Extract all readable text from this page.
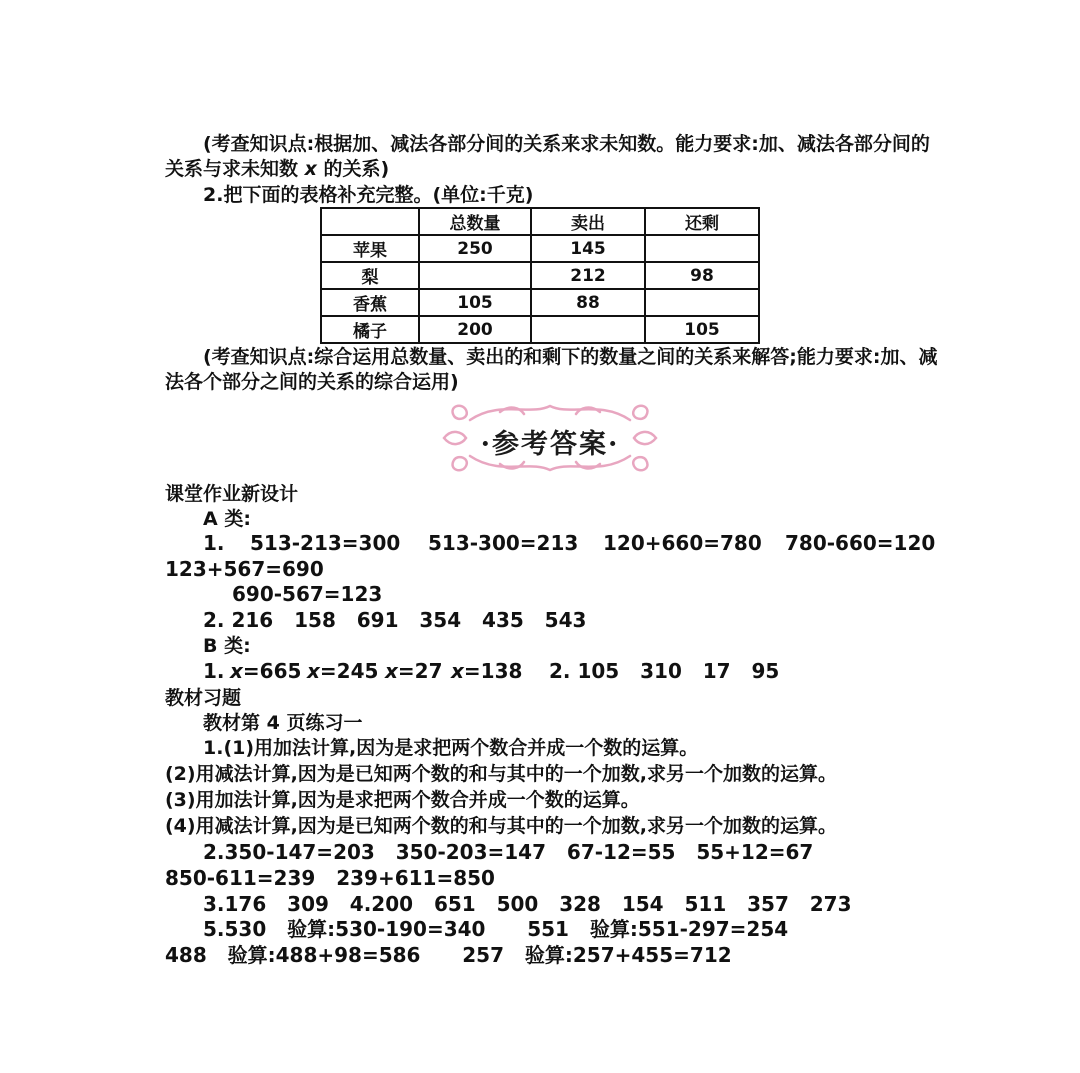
(考查知识点:根据加、减法各部分间的关系来求未知数。能力要求:加、减法各部分间的
关系与求未知数 x 的关系)
2.把下面的表格补充完整。(单位:千克)
	总数量	卖出	还剩
苹果	250	145	
梨		212	98
香蕉	105	88	
橘子	200		105
(考查知识点:综合运用总数量、卖出的和剩下的数量之间的关系来解答;能力要求:加、减
法各个部分之间的关系的综合运用)
·参考答案·
课堂作业新设计
A 类:
1. 513-213=300 513-300=213 120+660=780 780-660=120
123+567=690
690-567=123
2. 216   158   691   354   435   543
B 类:
1. x=665 x=245 x=27 x=138 2. 105   310   17   95
教材习题
教材第 4 页练习一
1.(1)用加法计算,因为是求把两个数合并成一个数的运算。
(2)用减法计算,因为是已知两个数的和与其中的一个加数,求另一个加数的运算。
(3)用加法计算,因为是求把两个数合并成一个数的运算。
(4)用减法计算,因为是已知两个数的和与其中的一个加数,求另一个加数的运算。
2.350-147=203   350-203=147   67-12=55   55+12=67
850-611=239   239+611=850
3.176   309   4.200   651   500   328   154   511   357   273
5.530   验算:530-190=340      551   验算:551-297=254
488   验算:488+98=586      257   验算:257+455=712
